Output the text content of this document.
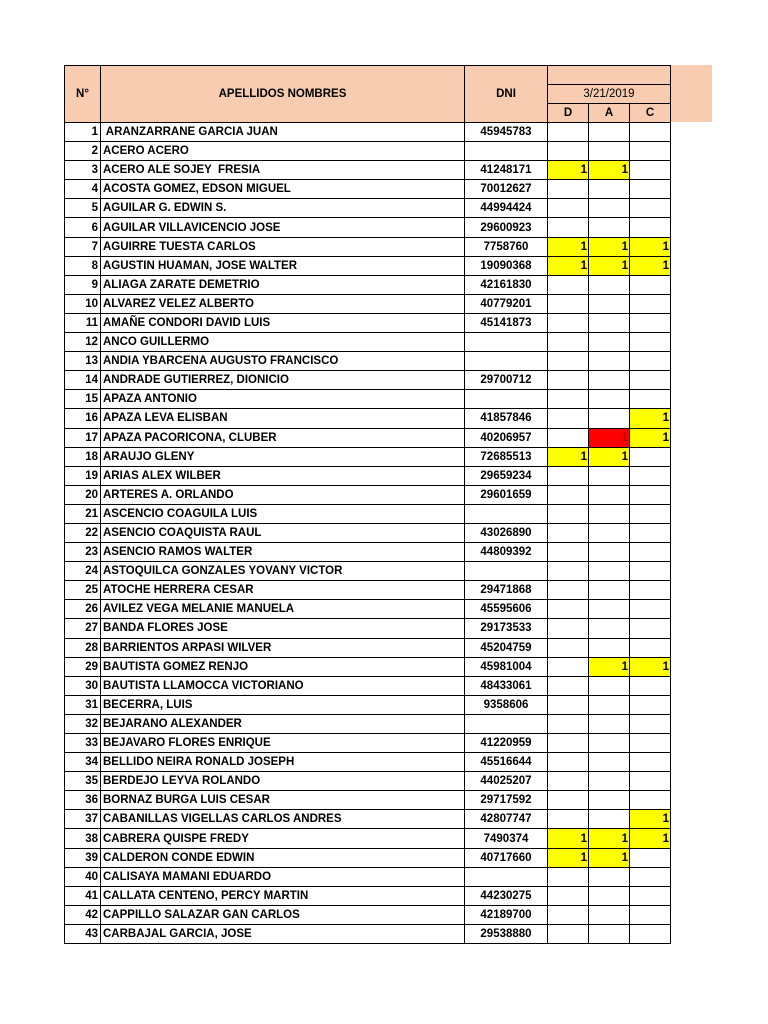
N°	APELLIDOS NOMBRES	DNI			
			3/21/2019		
			D	A	C
1	ARANZARRANE GARCIA JUAN	45945783			
2	ACERO ACERO				
3	ACERO ALE SOJEY  FRESIA	41248171	1	1	
4	ACOSTA GOMEZ, EDSON MIGUEL	70012627			
5	AGUILAR G. EDWIN S.	44994424			
6	AGUILAR VILLAVICENCIO JOSE	29600923			
7	AGUIRRE TUESTA CARLOS	7758760	1	1	1
8	AGUSTIN HUAMAN, JOSE WALTER	19090368	1	1	1
9	ALIAGA ZARATE DEMETRIO	42161830			
10	ALVAREZ VELEZ ALBERTO	40779201			
11	AMAÑE CONDORI DAVID LUIS	45141873			
12	ANCO GUILLERMO				
13	ANDIA YBARCENA AUGUSTO FRANCISCO				
14	ANDRADE GUTIERREZ, DIONICIO	29700712			
15	APAZA ANTONIO				
16	APAZA LEVA ELISBAN	41857846			1
17	APAZA PACORICONA, CLUBER	40206957		1	1
18	ARAUJO GLENY	72685513	1	1	
19	ARIAS ALEX WILBER	29659234			
20	ARTERES A. ORLANDO	29601659			
21	ASCENCIO COAGUILA LUIS				
22	ASENCIO COAQUISTA RAUL	43026890			
23	ASENCIO RAMOS WALTER	44809392			
24	ASTOQUILCA GONZALES YOVANY VICTOR				
25	ATOCHE HERRERA CESAR	29471868			
26	AVILEZ VEGA MELANIE MANUELA	45595606			
27	BANDA FLORES JOSE	29173533			
28	BARRIENTOS ARPASI WILVER	45204759			
29	BAUTISTA GOMEZ RENJO	45981004		1	1
30	BAUTISTA LLAMOCCA VICTORIANO	48433061			
31	BECERRA, LUIS	9358606			
32	BEJARANO ALEXANDER				
33	BEJAVARO FLORES ENRIQUE	41220959			
34	BELLIDO NEIRA RONALD JOSEPH	45516644			
35	BERDEJO LEYVA ROLANDO	44025207			
36	BORNAZ BURGA LUIS CESAR	29717592			
37	CABANILLAS VIGELLAS CARLOS ANDRES	42807747			1
38	CABRERA QUISPE FREDY	7490374	1	1	1
39	CALDERON CONDE EDWIN	40717660	1	1	
40	CALISAYA MAMANI EDUARDO				
41	CALLATA CENTENO, PERCY MARTIN	44230275			
42	CAPPILLO SALAZAR GAN CARLOS	42189700			
43	CARBAJAL GARCIA, JOSE	29538880			
